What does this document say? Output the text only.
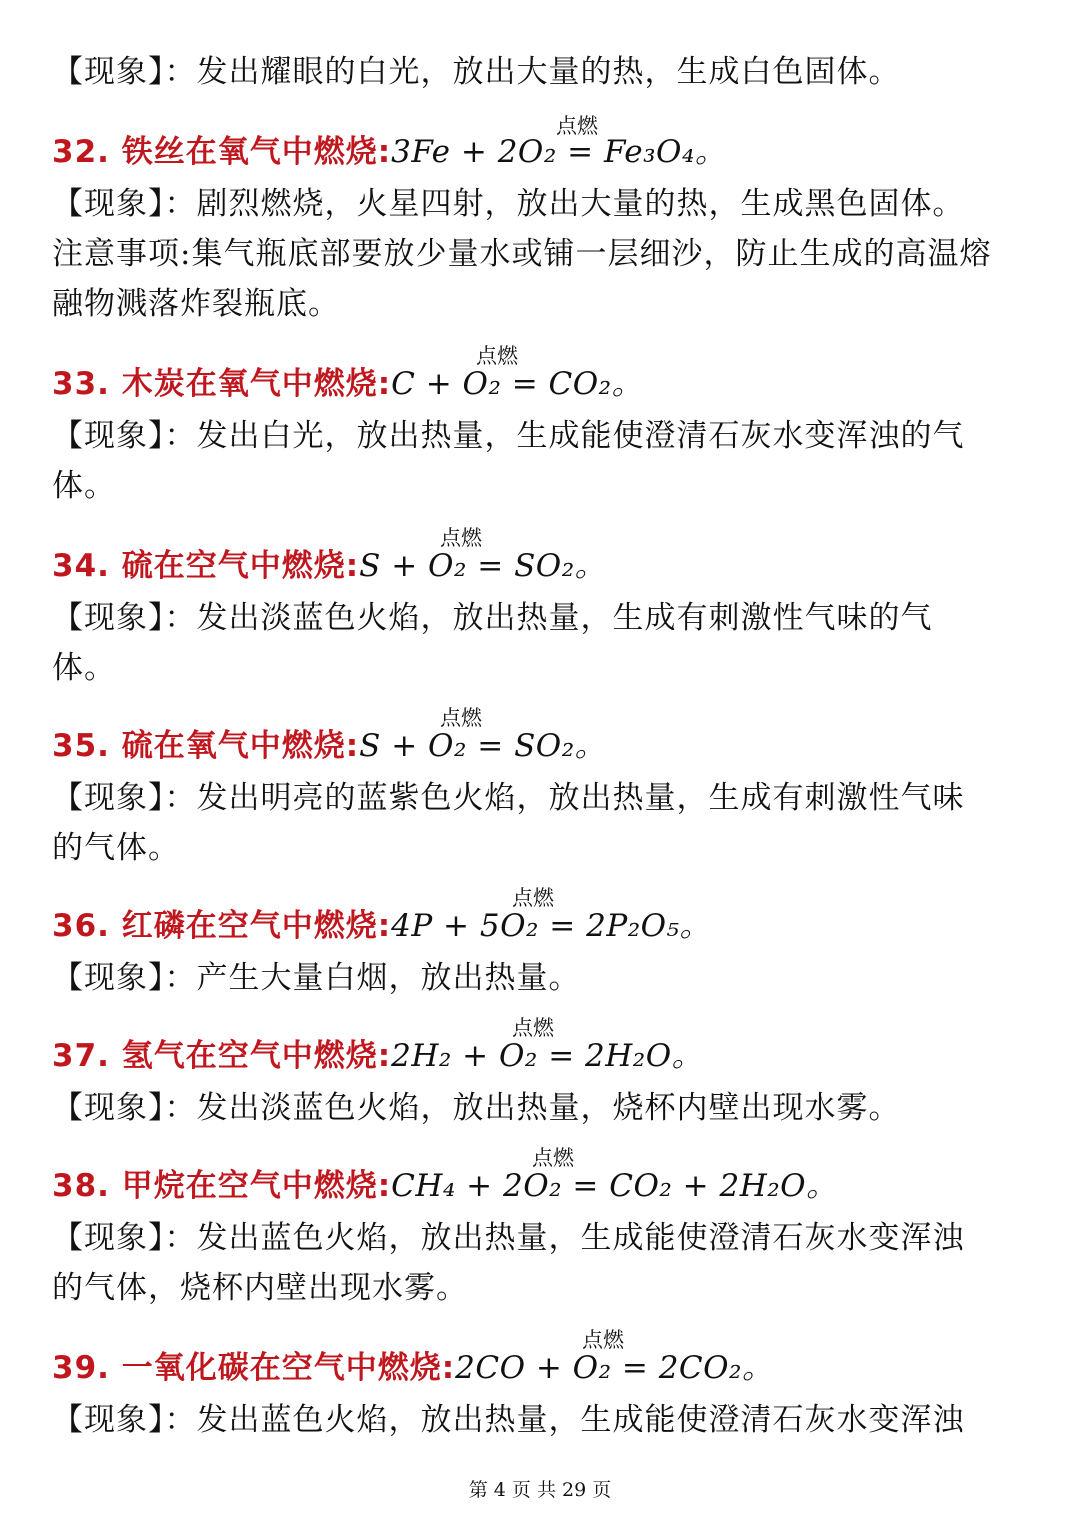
【现象】：发出耀眼的白光，放出大量的热，生成白色固体。
点燃
32. 铁丝在氧气中燃烧:3Fe + 2O₂ = Fe₃O₄。
【现象】：剧烈燃烧，火星四射，放出大量的热，生成黑色固体。
注意事项:集气瓶底部要放少量水或铺一层细沙，防止生成的高温熔
融物溅落炸裂瓶底。
点燃
33. 木炭在氧气中燃烧:C + O₂ = CO₂。
【现象】：发出白光，放出热量，生成能使澄清石灰水变浑浊的气
体。
点燃
34. 硫在空气中燃烧:S + O₂ = SO₂。
【现象】：发出淡蓝色火焰，放出热量，生成有刺激性气味的气
体。
点燃
35. 硫在氧气中燃烧:S + O₂ = SO₂。
【现象】：发出明亮的蓝紫色火焰，放出热量，生成有刺激性气味
的气体。
点燃
36. 红磷在空气中燃烧:4P + 5O₂ = 2P₂O₅。
【现象】：产生大量白烟，放出热量。
点燃
37. 氢气在空气中燃烧:2H₂ + O₂ = 2H₂O。
【现象】：发出淡蓝色火焰，放出热量，烧杯内壁出现水雾。
点燃
38. 甲烷在空气中燃烧:CH₄ + 2O₂ = CO₂ + 2H₂O。
【现象】：发出蓝色火焰，放出热量，生成能使澄清石灰水变浑浊
的气体，烧杯内壁出现水雾。
点燃
39. 一氧化碳在空气中燃烧:2CO + O₂ = 2CO₂。
【现象】：发出蓝色火焰，放出热量，生成能使澄清石灰水变浑浊
第 4 页 共 29 页
